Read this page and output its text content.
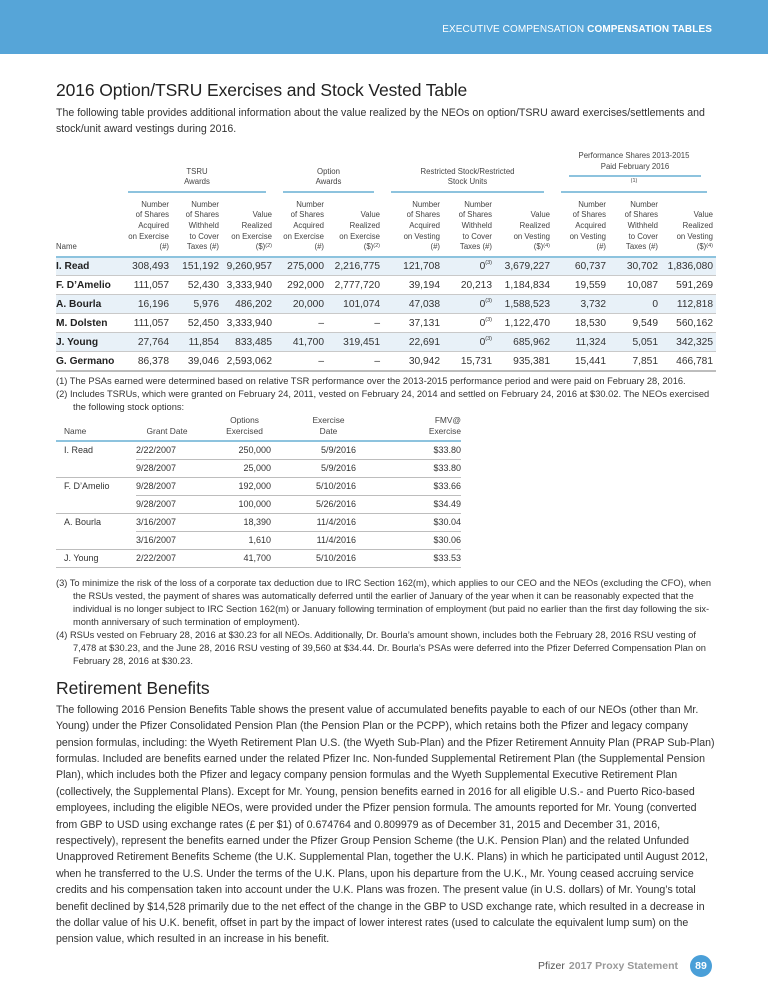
EXECUTIVE COMPENSATION COMPENSATION TABLES
2016 Option/TSRU Exercises and Stock Vested Table

The following table provides additional information about the value realized by the NEOs on option/TSRU award exercises/settlements and stock/unit award vestings during 2016.

	TSRU
Awards			Option
Awards		Restricted Stock/Restricted
Stock Units			Performance Shares 2013-2015
Paid February 2016
$^{(1)}$

Name	Number
of Shares
Acquired
on Exercise
(#)	Number
of Shares
Withheld
to Cover
Taxes (#)	Value
Realized
on Exercise
($)$^{(2)}$	Number
of Shares
Acquired
on Exercise
(#)	Value
Realized
on Exercise
($)$^{(2)}$	Number
of Shares
Acquired
on Vesting
(#)	Number
of Shares
Withheld
to Cover
Taxes (#)	Value
Realized
on Vesting
($)$^{(4)}$	Number
of Shares
Acquired
on Vesting
(#)	Number
of Shares
Withheld
to Cover
Taxes (#)	Value
Realized
on Vesting
($)$^{(4)}$
I. Read	308,493	151,192	9,260,957	275,000	2,216,775	121,708	0$^{(3)}$	3,679,227	60,737	30,702	1,836,080
F. D’Amelio	111,057	52,430	3,333,940	292,000	2,777,720	39,194	20,213	1,184,834	19,559	10,087	591,269
A. Bourla	16,196	5,976	486,202	20,000	101,074	47,038	0$^{(3)}$	1,588,523	3,732	0	112,818
M. Dolsten	111,057	52,450	3,333,940	–	–	37,131	0$^{(3)}$	1,122,470	18,530	9,549	560,162
J. Young	27,764	11,854	833,485	41,700	319,451	22,691	0$^{(3)}$	685,962	11,324	5,051	342,325
G. Germano	86,378	39,046	2,593,062	–	–	30,942	15,731	935,381	15,441	7,851	466,781
(1) The PSAs earned were determined based on relative TSR performance over the 2013-2015 performance period and were paid on February 28, 2016.
(2) Includes TSRUs, which were granted on February 24, 2011, vested on February 24, 2014 and settled on February 24, 2016 at $30.02. The NEOs exercised the following stock options:
Name	Grant Date	Options
Exercised	Exercise
Date	FMV@
Exercise
I. Read	2/22/2007	250,000	5/9/2016	$33.80
	9/28/2007	25,000	5/9/2016	$33.80
F. D’Amelio	9/28/2007	192,000	5/10/2016	$33.66
	9/28/2007	100,000	5/26/2016	$34.49
A. Bourla	3/16/2007	18,390	11/4/2016	$30.04
	3/16/2007	1,610	11/4/2016	$30.06
J. Young	2/22/2007	41,700	5/10/2016	$33.53
(3) To minimize the risk of the loss of a corporate tax deduction due to IRC Section 162(m), which applies to our CEO and the NEOs (excluding the CFO), when the RSUs vested, the payment of shares was automatically deferred until the earlier of January of the year when it can be reasonably expected that the individual is no longer subject to IRC Section 162(m) or January following termination of employment (but paid no earlier than the first day following the six-month anniversary of such termination of employment).
(4) RSUs vested on February 28, 2016 at $30.23 for all NEOs. Additionally, Dr. Bourla’s amount shown, includes both the February 28, 2016 RSU vesting of 7,478 at $30.23, and the June 28, 2016 RSU vesting of 39,560 at $34.44. Dr. Bourla’s PSAs were deferred into the Pfizer Deferred Compensation Plan on February 28, 2016 at $30.23.
Retirement Benefits

The following 2016 Pension Benefits Table shows the present value of accumulated benefits payable to each of our NEOs (other than Mr. Young) under the Pfizer Consolidated Pension Plan (the Pension Plan or the PCPP), which retains both the Pfizer and legacy company pension formulas, including: the Wyeth Retirement Plan U.S. (the Wyeth Sub-Plan) and the Pfizer Retirement Annuity Plan (PRAP Sub-Plan) formulas. Included are benefits earned under the related Pfizer Inc. Non-funded Supplemental Retirement Plan (the Supplemental Pension Plan), which includes both the Pfizer and legacy company pension formulas and the Wyeth Supplemental Executive Retirement Plan (collectively, the Supplemental Plans). Except for Mr. Young, pension benefits earned in 2016 for all eligible U.S.- and Puerto Rico-based employees, including the eligible NEOs, were provided under the Pfizer pension formula. The amounts reported for Mr. Young (converted from GBP to USD using exchange rates (£ per $1) of 0.674764 and 0.809979 as of December 31, 2015 and December 31, 2016, respectively), represent the benefits earned under the Pfizer Group Pension Scheme (the U.K. Pension Plan) and the related Unfunded Unapproved Retirement Benefits Scheme (the U.K. Supplemental Plan, together the U.K. Plans) in which he participated until August 2012, when he transferred to the U.S. Under the terms of the U.K. Plans, upon his departure from the U.K., Mr. Young ceased accruing service credits and his compensation taken into account under the U.K. Plans was frozen. The present value (in U.S. dollars) of Mr. Young’s total benefit declined by $14,528 primarily due to the net effect of the change in the GBP to USD exchange rate, which resulted in a decrease in the dollar value of his U.K. benefit, offset in part by the impact of lower interest rates (used to calculate the equivalent lump sum) on the pension value, which resulted in an increase in his benefit.

Pfizer 2017 Proxy Statement	89
